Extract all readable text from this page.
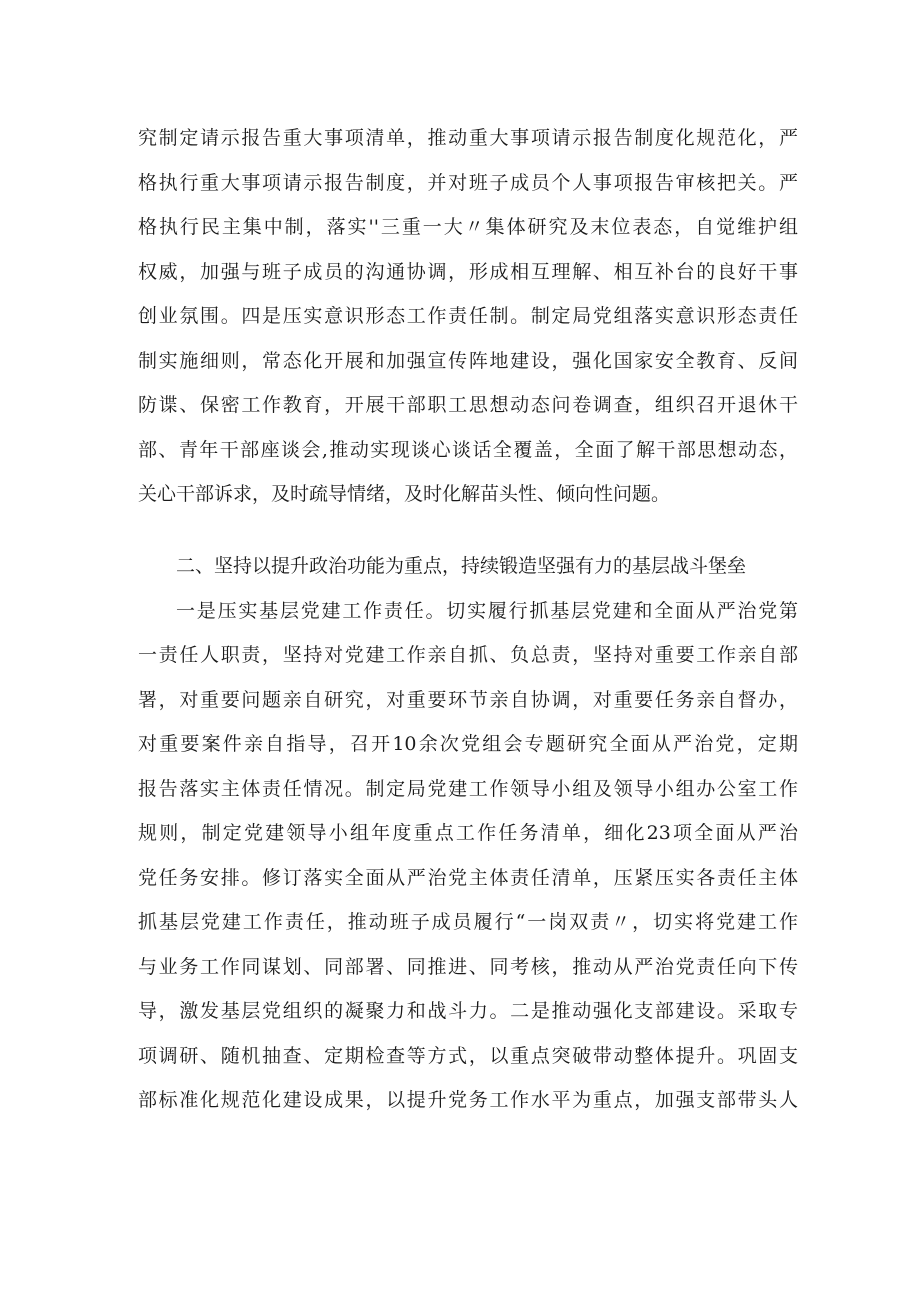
究制定请示报告重大事项清单，推动重大事项请示报告制度化规范化，严
格执行重大事项请示报告制度，并对班子成员个人事项报告审核把关。严
格执行民主集中制，落实''三重一大〃集体研究及末位表态，自觉维护组
权威，加强与班子成员的沟通协调，形成相互理解、相互补台的良好干事
创业氛围。四是压实意识形态工作责任制。制定局党组落实意识形态责任
制实施细则，常态化开展和加强宣传阵地建设，强化国家安全教育、反间
防谍、保密工作教育，开展干部职工思想动态问卷调查，组织召开退休干
部、青年干部座谈会,推动实现谈心谈话全覆盖，全面了解干部思想动态，
关心干部诉求，及时疏导情绪，及时化解苗头性、倾向性问题。
二、坚持以提升政治功能为重点，持续锻造坚强有力的基层战斗堡垒
一是压实基层党建工作责任。切实履行抓基层党建和全面从严治党第
一责任人职责，坚持对党建工作亲自抓、负总责，坚持对重要工作亲自部
署，对重要问题亲自研究，对重要环节亲自协调，对重要任务亲自督办，
对重要案件亲自指导，召开10余次党组会专题研究全面从严治党，定期
报告落实主体责任情况。制定局党建工作领导小组及领导小组办公室工作
规则，制定党建领导小组年度重点工作任务清单，细化23项全面从严治
党任务安排。修订落实全面从严治党主体责任清单，压紧压实各责任主体
抓基层党建工作责任，推动班子成员履行“一岗双责〃，切实将党建工作
与业务工作同谋划、同部署、同推进、同考核，推动从严治党责任向下传
导，激发基层党组织的凝聚力和战斗力。二是推动强化支部建设。采取专
项调研、随机抽查、定期检查等方式，以重点突破带动整体提升。巩固支
部标准化规范化建设成果，以提升党务工作水平为重点，加强支部带头人
